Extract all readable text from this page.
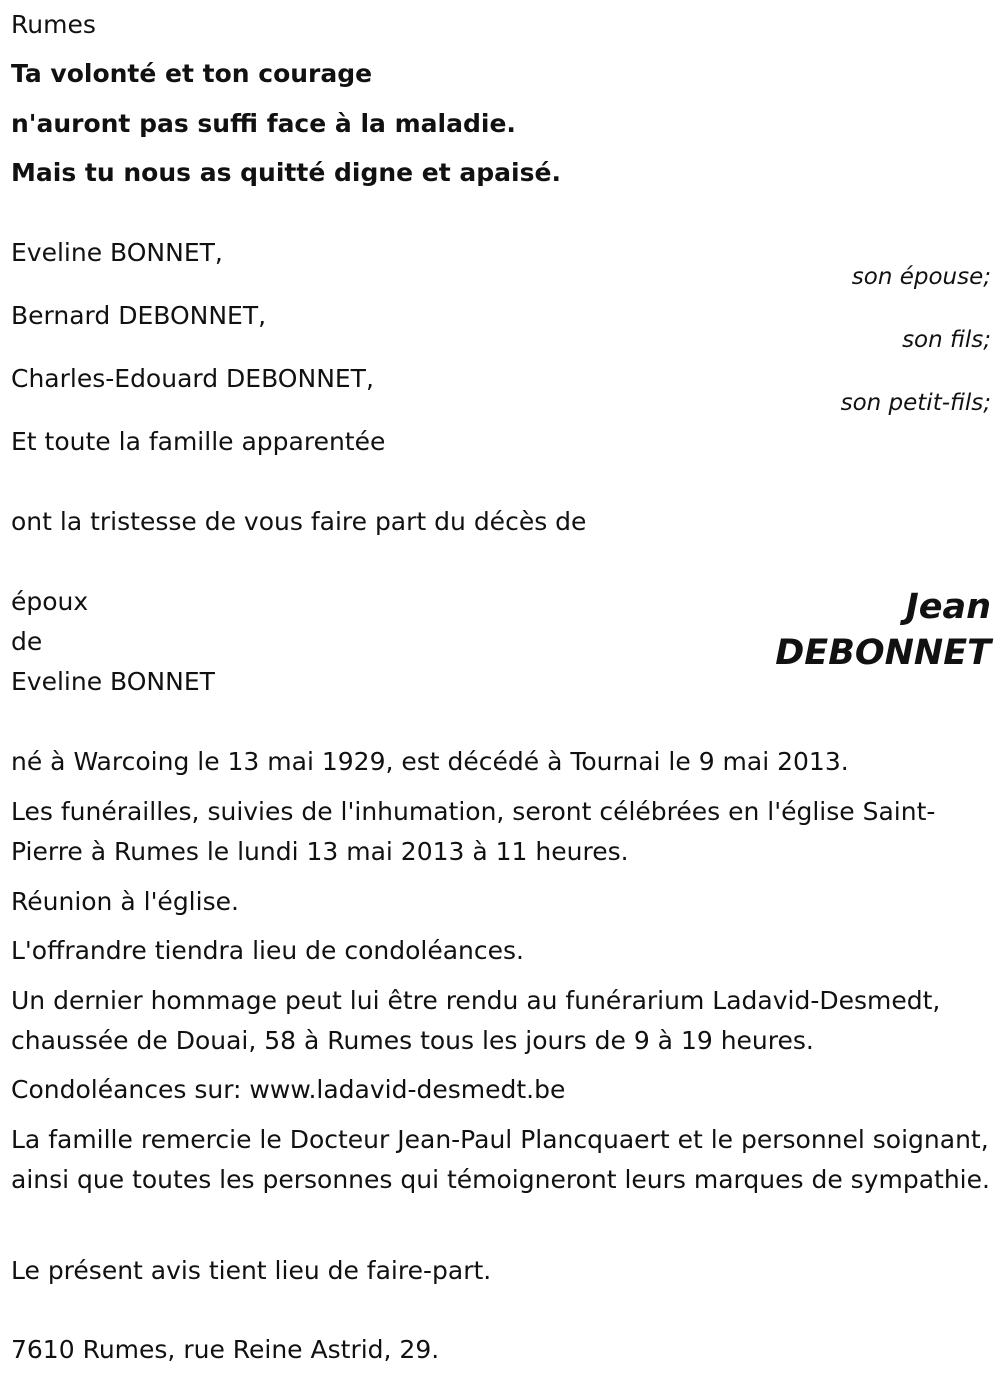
Rumes
Ta volonté et ton courage
n'auront pas suffi face à la maladie.
Mais tu nous as quitté digne et apaisé.
Eveline BONNET,
son épouse;
Bernard DEBONNET,
son fils;
Charles-Edouard DEBONNET,
son petit-fils;
Et toute la famille apparentée
ont la tristesse de vous faire part du décès de
époux
de
Eveline BONNET
Jean
DEBONNET
né à Warcoing le 13 mai 1929, est décédé à Tournai le 9 mai 2013.
Les funérailles, suivies de l'inhumation, seront célébrées en l'église Saint-Pierre à Rumes le lundi 13 mai 2013 à 11 heures.
Réunion à l'église.
L'offrandre tiendra lieu de condoléances.
Un dernier hommage peut lui être rendu au funérarium Ladavid-Desmedt, chaussée de Douai, 58 à Rumes tous les jours de 9 à 19 heures.
Condoléances sur: www.ladavid-desmedt.be
La famille remercie le Docteur Jean-Paul Plancquaert et le personnel soignant, ainsi que toutes les personnes qui témoigneront leurs marques de sympathie.
Le présent avis tient lieu de faire-part.
7610 Rumes, rue Reine Astrid, 29.
